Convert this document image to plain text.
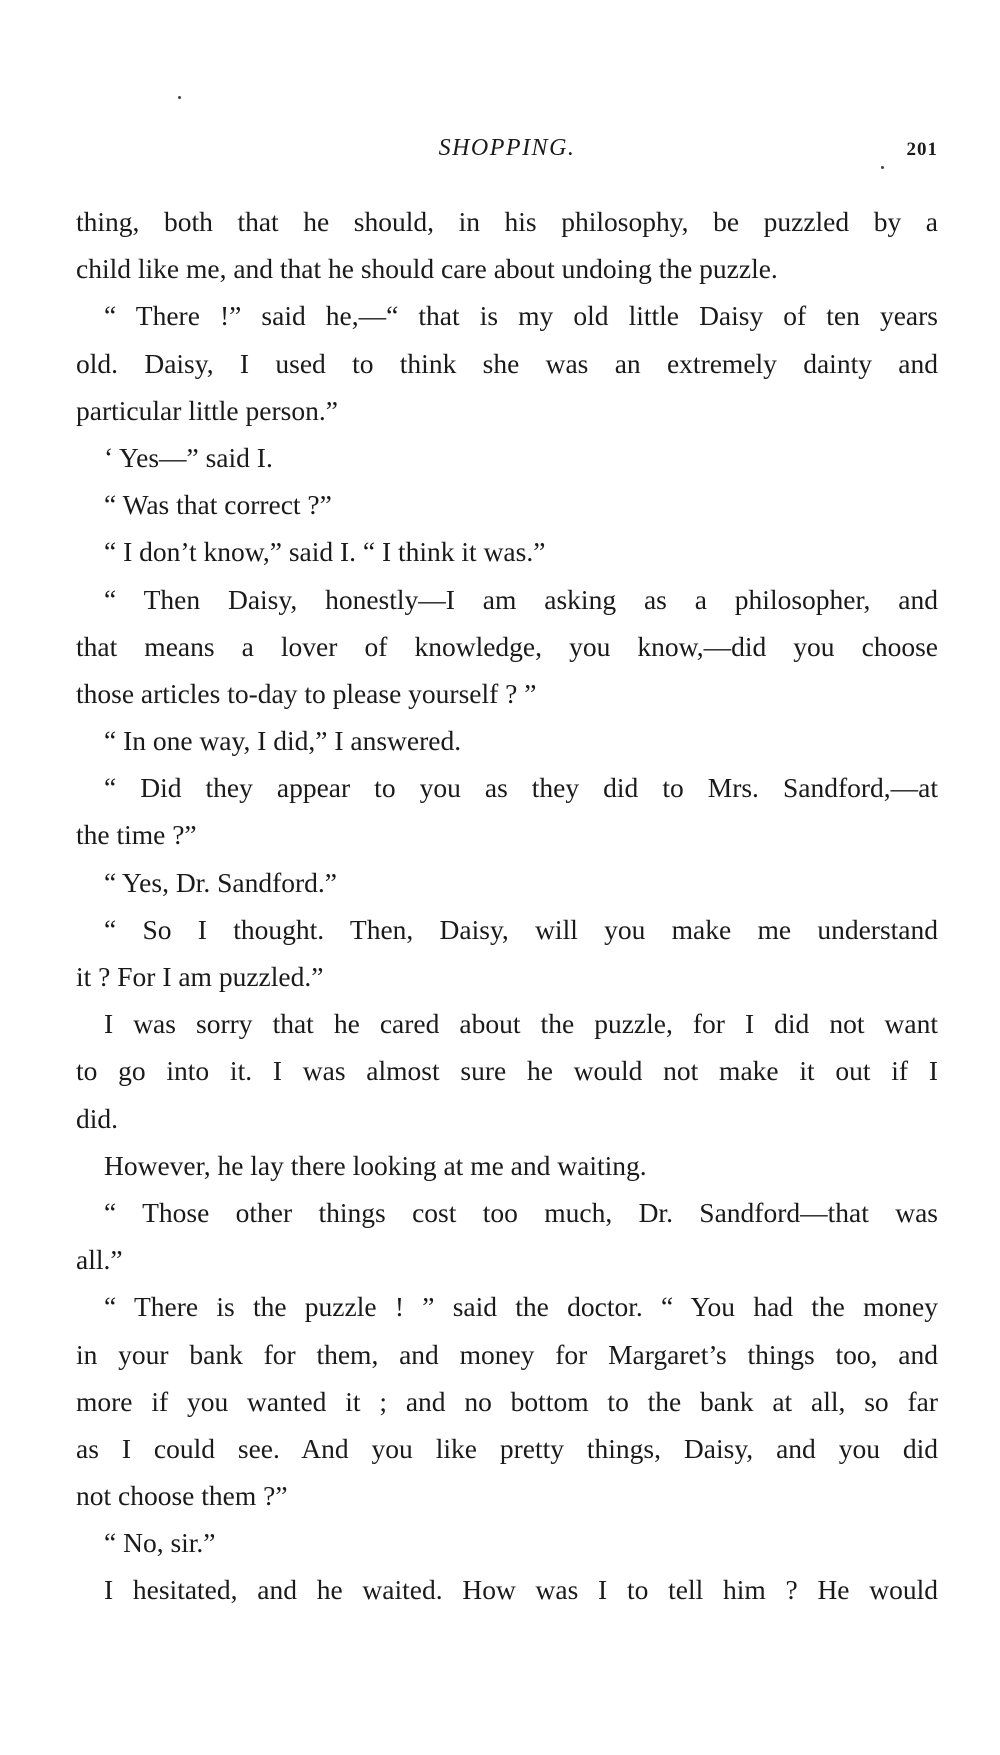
SHOPPING.	201
thing, both that he should, in his philosophy, be puzzled by a
child like me, and that he should care about undoing the puzzle.
“ There !” said he,—“ that is my old little Daisy of ten years
old. Daisy, I used to think she was an extremely dainty and
particular little person.”
‘ Yes—” said I.
“ Was that correct ?”
“ I don’t know,” said I. “ I think it was.”
“ Then Daisy, honestly—I am asking as a philosopher, and
that means a lover of knowledge, you know,—did you choose
those articles to-day to please yourself ? ”
“ In one way, I did,” I answered.
“ Did they appear to you as they did to Mrs. Sandford,—at
the time ?”
“ Yes, Dr. Sandford.”
“ So I thought. Then, Daisy, will you make me understand
it ? For I am puzzled.”
I was sorry that he cared about the puzzle, for I did not want
to go into it. I was almost sure he would not make it out if I
did.
However, he lay there looking at me and waiting.
“ Those other things cost too much, Dr. Sandford—that was
all.”
“ There is the puzzle ! ” said the doctor. “ You had the money
in your bank for them, and money for Margaret’s things too, and
more if you wanted it ; and no bottom to the bank at all, so far
as I could see. And you like pretty things, Daisy, and you did
not choose them ?”
“ No, sir.”
I hesitated, and he waited. How was I to tell him ? He would
